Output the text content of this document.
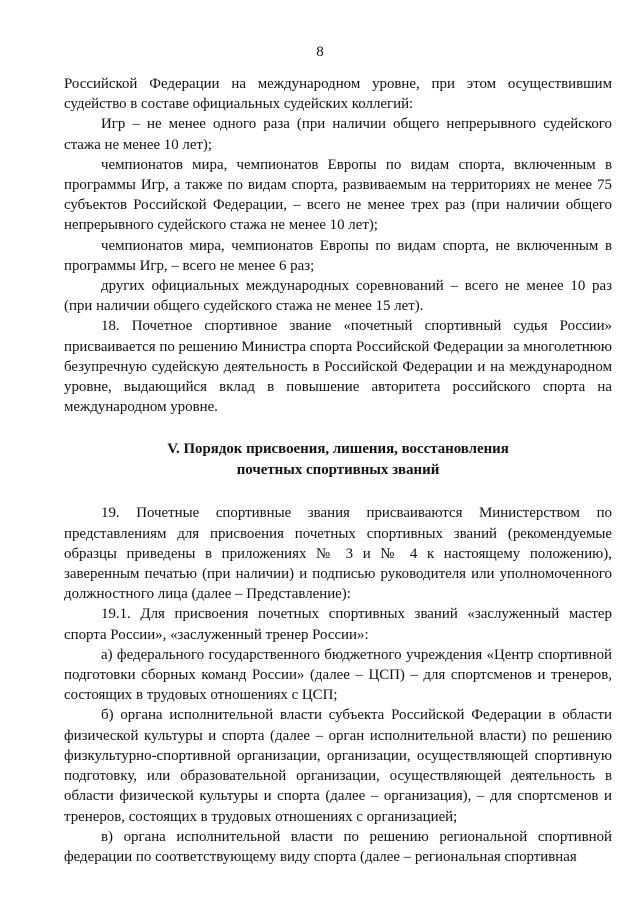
8

Российской Федерации на международном уровне, при этом осуществившим судейство в составе официальных судейских коллегий:

Игр – не менее одного раза (при наличии общего непрерывного судейского стажа не менее 10 лет);

чемпионатов мира, чемпионатов Европы по видам спорта, включенным в программы Игр, а также по видам спорта, развиваемым на территориях не менее 75 субъектов Российской Федерации, – всего не менее трех раз (при наличии общего непрерывного судейского стажа не менее 10 лет);

чемпионатов мира, чемпионатов Европы по видам спорта, не включенным в программы Игр, – всего не менее 6 раз;

других официальных международных соревнований – всего не менее 10 раз (при наличии общего судейского стажа не менее 15 лет).

18. Почетное спортивное звание «почетный спортивный судья России» присваивается по решению Министра спорта Российской Федерации за многолетнюю безупречную судейскую деятельность в Российской Федерации и на международном уровне, выдающийся вклад в повышение авторитета российского спорта на международном уровне.

V. Порядок присвоения, лишения, восстановления
почетных спортивных званий

19. Почетные спортивные звания присваиваются Министерством по представлениям для присвоения почетных спортивных званий (рекомендуемые образцы приведены в приложениях № 3 и № 4 к настоящему положению), заверенным печатью (при наличии) и подписью руководителя или уполномоченного должностного лица (далее – Представление):

19.1. Для присвоения почетных спортивных званий «заслуженный мастер спорта России», «заслуженный тренер России»:

а) федерального государственного бюджетного учреждения «Центр спортивной подготовки сборных команд России» (далее – ЦСП) – для спортсменов и тренеров, состоящих в трудовых отношениях с ЦСП;

б) органа исполнительной власти субъекта Российской Федерации в области физической культуры и спорта (далее – орган исполнительной власти) по решению физкультурно-спортивной организации, организации, осуществляющей спортивную подготовку, или образовательной организации, осуществляющей деятельность в области физической культуры и спорта (далее – организация), – для спортсменов и тренеров, состоящих в трудовых отношениях с организацией;

в) органа исполнительной власти по решению региональной спортивной федерации по соответствующему виду спорта (далее – региональная спортивная
